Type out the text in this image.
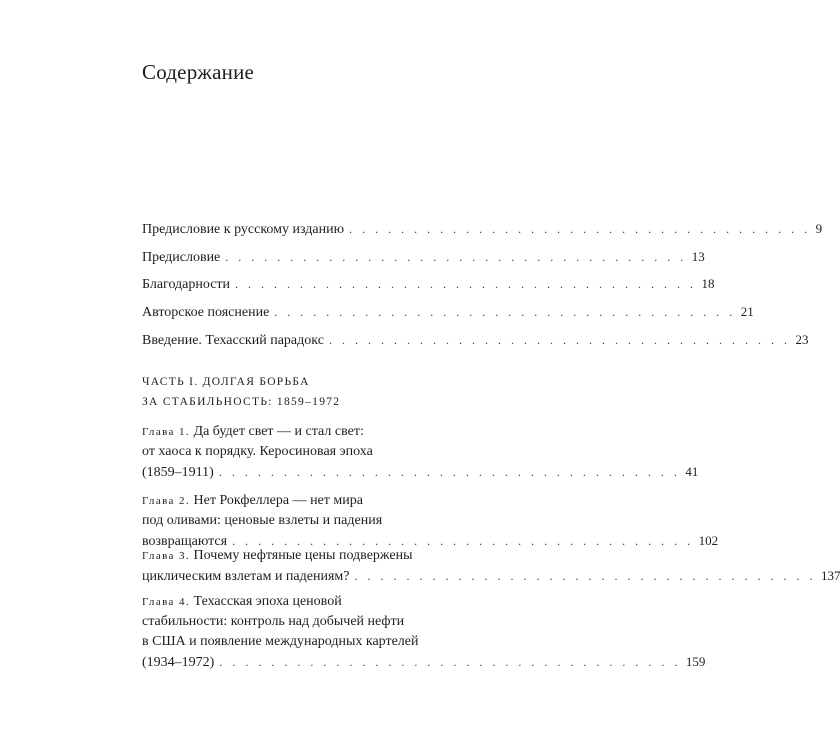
Содержание
Предисловие к русскому изданию . . . . . . . . . . . . . . . . . . . . . . . . . . . . . . . . . . . . 9
Предисловие . . . . . . . . . . . . . . . . . . . . . . . . . . . . . . . . . . . . 13
Благодарности . . . . . . . . . . . . . . . . . . . . . . . . . . . . . . . . . . . . 18
Авторское пояснение . . . . . . . . . . . . . . . . . . . . . . . . . . . . . . . . . . . . 21
Введение. Техасский парадокс . . . . . . . . . . . . . . . . . . . . . . . . . . . . . . . . . . . . 23
ЧАСТЬ I. ДОЛГАЯ БОРЬБА
ЗА СТАБИЛЬНОСТЬ: 1859–1972
Глава 1. Да будет свет — и стал свет:
от хаоса к порядку. Керосиновая эпоха
(1859–1911) . . . . . . . . . . . . . . . . . . . . . . . . . . . . . . . . . . . . 41
Глава 2. Нет Рокфеллера — нет мира
под оливами: ценовые взлеты и падения
возвращаются . . . . . . . . . . . . . . . . . . . . . . . . . . . . . . . . . . . . 102
Глава 3. Почему нефтяные цены подвержены
циклическим взлетам и падениям? . . . . . . . . . . . . . . . . . . . . . . . . . . . . . . . . . . . . 137
Глава 4. Техасская эпоха ценовой
стабильности: контроль над добычей нефти
в США и появление международных картелей
(1934–1972) . . . . . . . . . . . . . . . . . . . . . . . . . . . . . . . . . . . . 159
